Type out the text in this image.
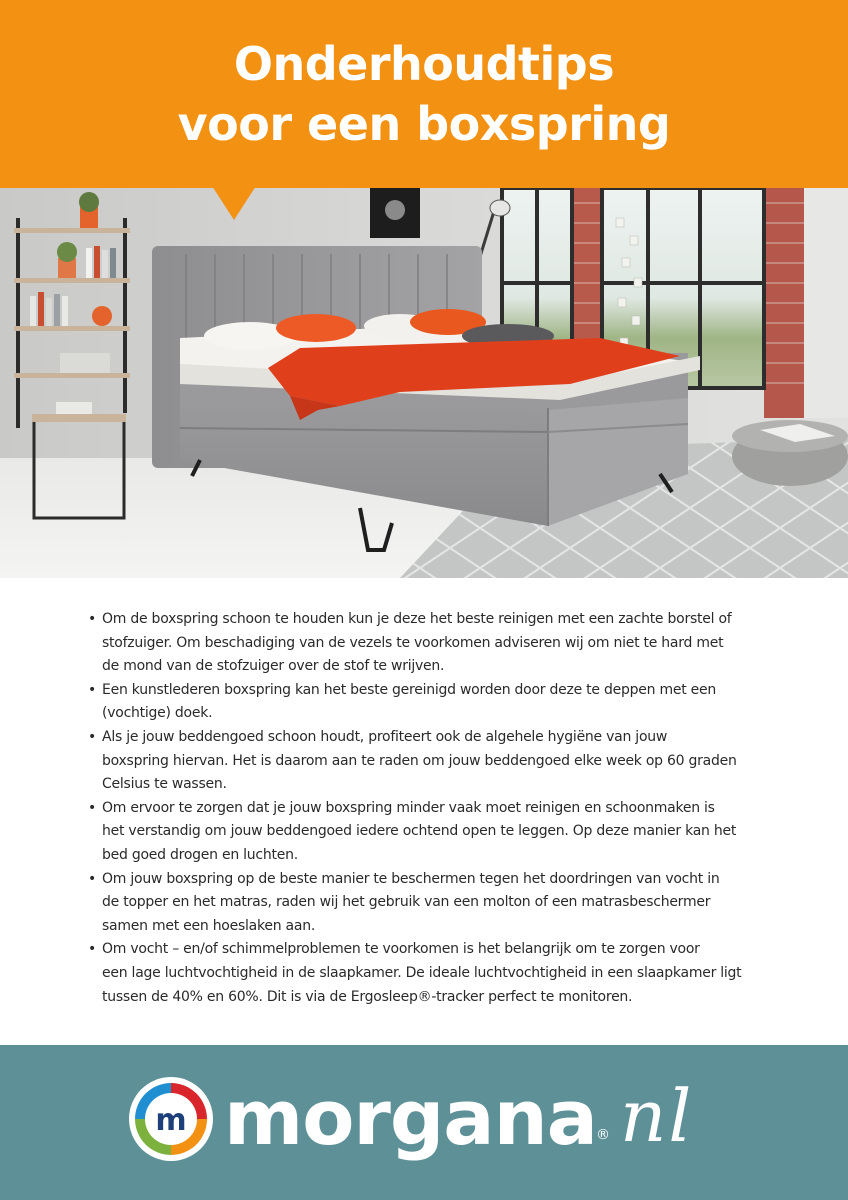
Onderhoudtips
voor een boxspring
• Om de boxspring schoon te houden kun je deze het beste reinigen met een zachte borstel of
stofzuiger. Om beschadiging van de vezels te voorkomen adviseren wij om niet te hard met
de mond van de stofzuiger over de stof te wrijven.
• Een kunstlederen boxspring kan het beste gereinigd worden door deze te deppen met een
(vochtige) doek.
• Als je jouw beddengoed schoon houdt, profiteert ook de algehele hygiëne van jouw
boxspring hiervan. Het is daarom aan te raden om jouw beddengoed elke week op 60 graden
Celsius te wassen.
• Om ervoor te zorgen dat je jouw boxspring minder vaak moet reinigen en schoonmaken is
het verstandig om jouw beddengoed iedere ochtend open te leggen. Op deze manier kan het
bed goed drogen en luchten.
• Om jouw boxspring op de beste manier te beschermen tegen het doordringen van vocht in
de topper en het matras, raden wij het gebruik van een molton of een matrasbeschermer
samen met een hoeslaken aan.
• Om vocht – en/of schimmelproblemen te voorkomen is het belangrijk om te zorgen voor
een lage luchtvochtigheid in de slaapkamer. De ideale luchtvochtigheid in een slaapkamer ligt
tussen de 40% en 60%. Dit is via de Ergosleep®-tracker perfect te monitoren.
m morgana ® nl
